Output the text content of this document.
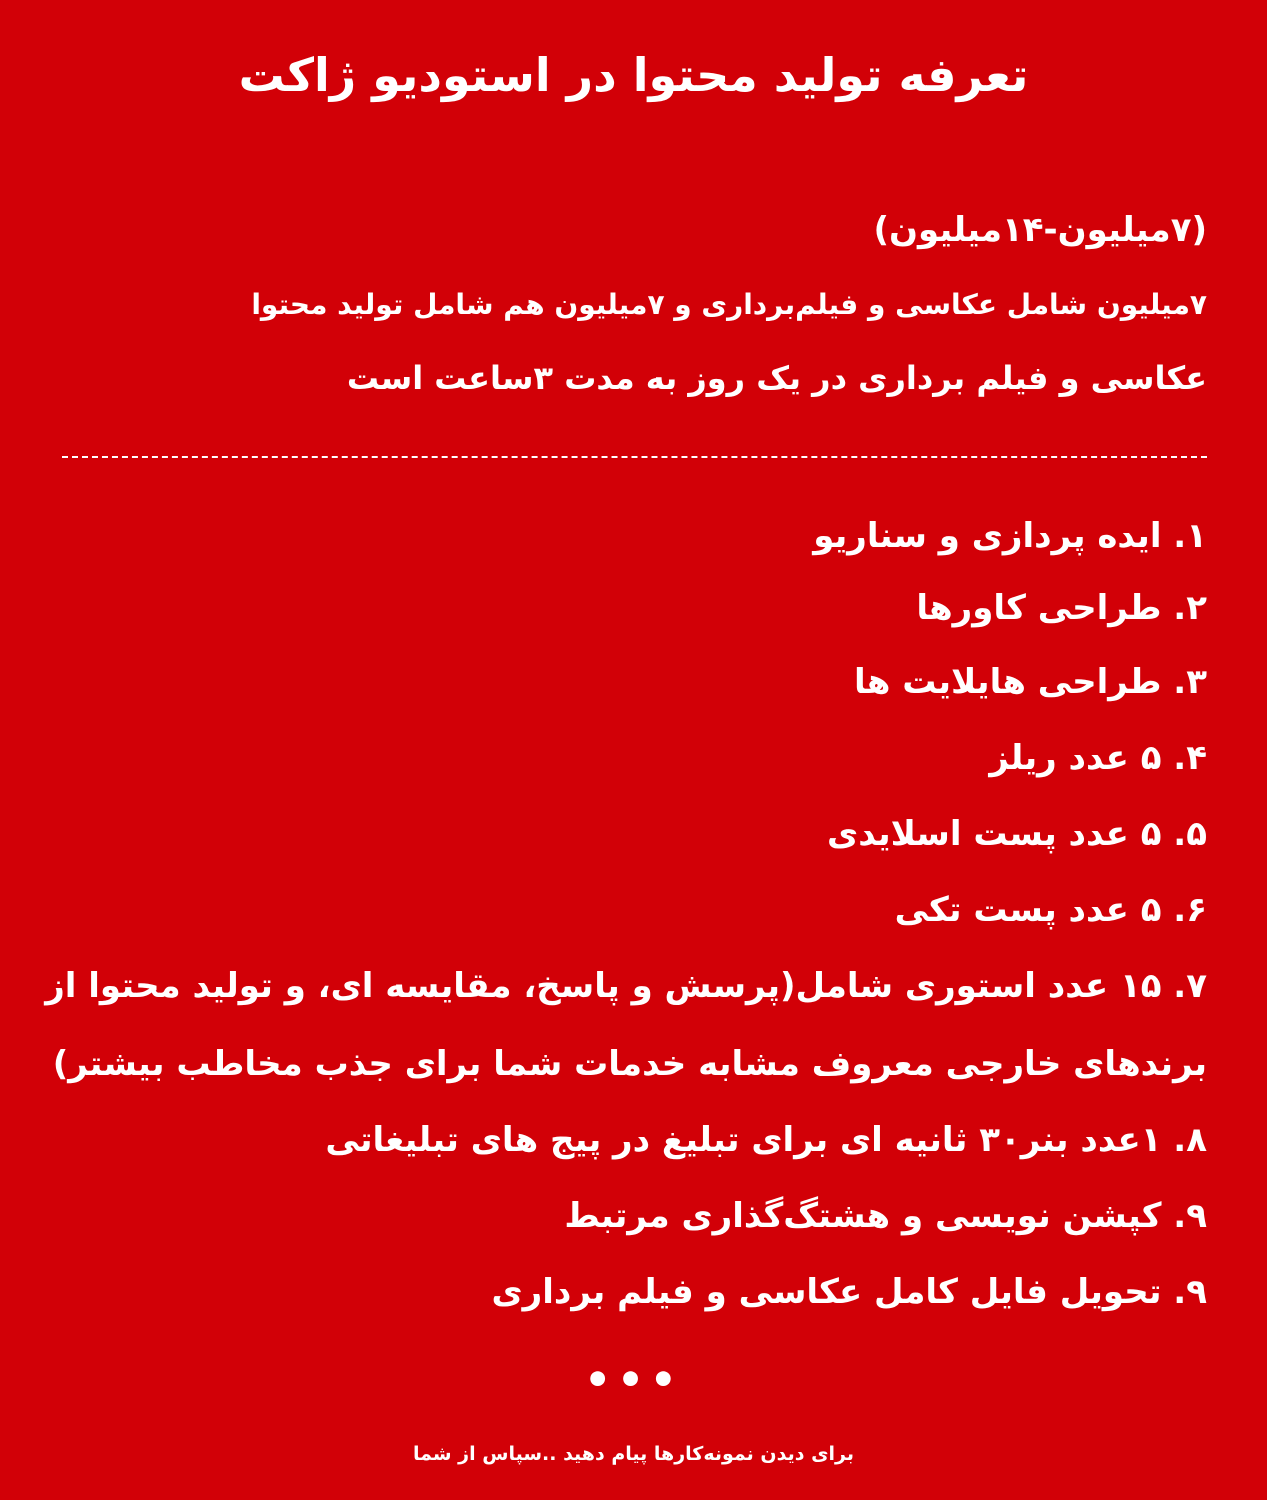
تعرفه تولید محتوا در استودیو ژاکت
(۷میلیون-۱۴میلیون)
۷میلیون شامل عکاسی و فیلم‌برداری و ۷میلیون هم شامل تولید محتوا
عکاسی و فیلم برداری در یک روز به مدت ۳ساعت است
۱. ایده پردازی و سناریو
۲. طراحی کاورها
۳. طراحی هایلایت ها
۴. ۵ عدد ریلز
۵. ۵ عدد پست اسلایدی
۶. ۵ عدد پست تکی
۷. ۱۵ عدد استوری شامل(پرسش و پاسخ، مقایسه ای، و تولید محتوا از
برندهای خارجی معروف مشابه خدمات شما برای جذب مخاطب بیشتر)
۸. ۱عدد بنر۳۰ ثانیه ای برای تبلیغ در پیج های تبلیغاتی
۹. کپشن نویسی و هشتگ‌گذاری مرتبط
۹. تحویل فایل کامل عکاسی و فیلم برداری
•••
برای دیدن نمونه‌کارها پیام دهید ..سپاس از شما
